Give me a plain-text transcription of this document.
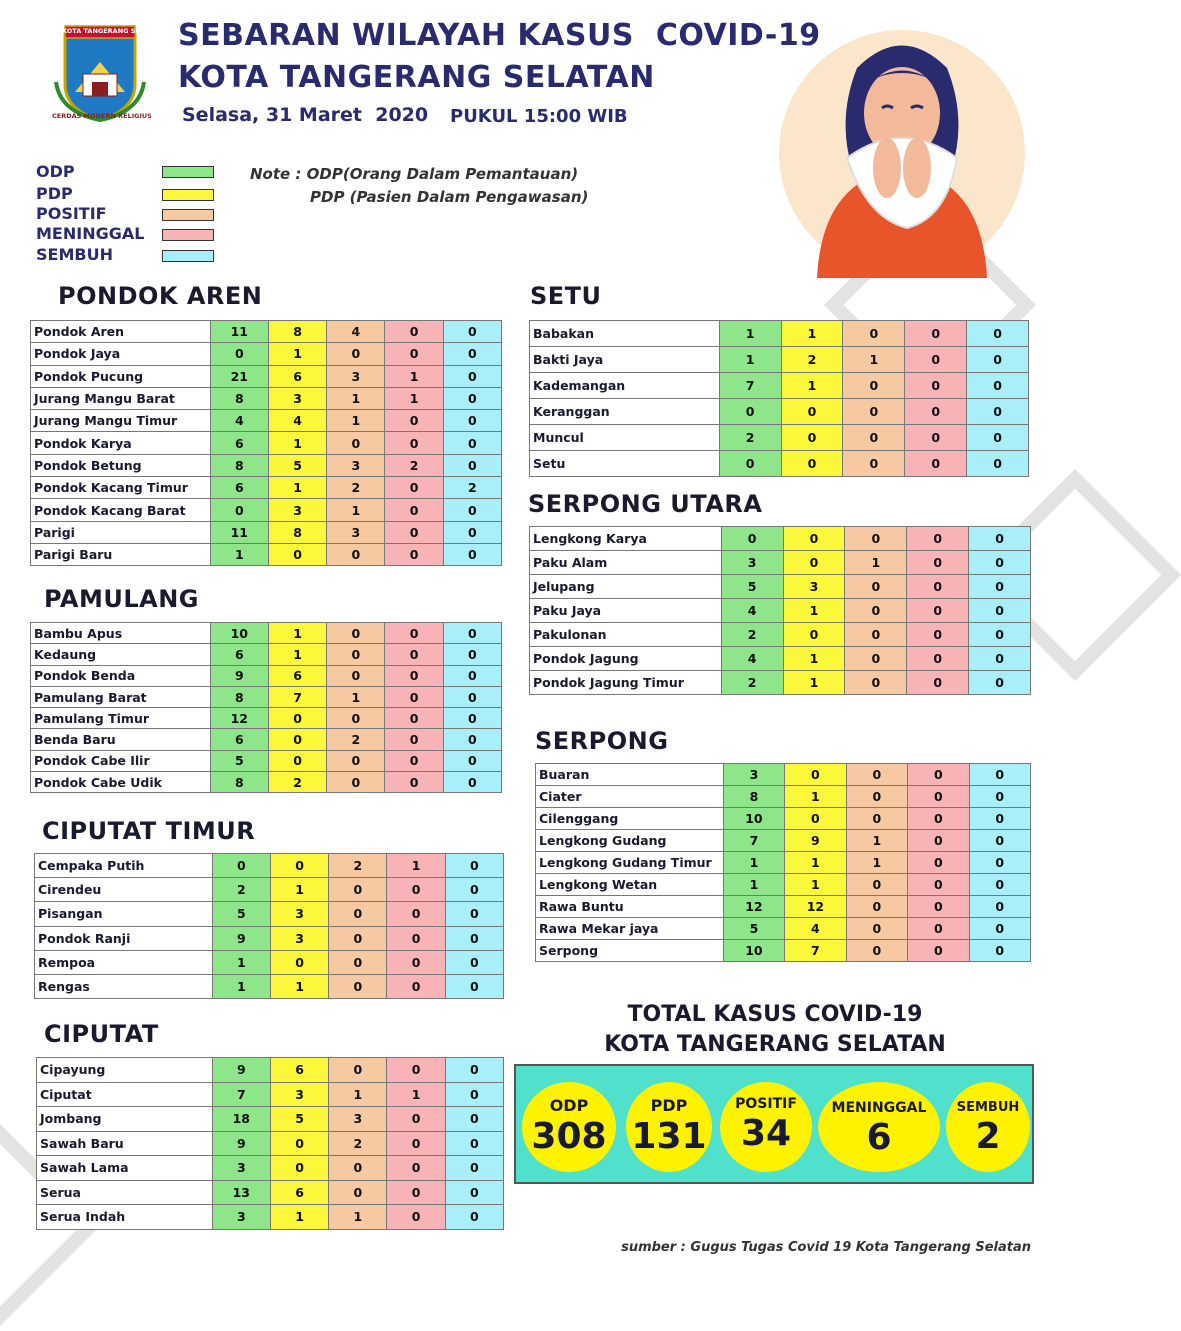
KOTA TANGERANG SELATAN
CERDAS MODERN RELIGIUS
SEBARAN WILAYAH KASUS  COVID-19
KOTA TANGERANG SELATAN
Selasa, 31 Maret  2020 PUKUL 15:00 WIB
ODP
PDP
POSITIF
MENINGGAL
SEMBUH
Note : ODP(Orang Dalam Pemantauan)
PDP (Pasien Dalam Pengawasan)
PONDOK AREN
PAMULANG
CIPUTAT TIMUR
CIPUTAT
SETU
SERPONG UTARA
SERPONG
Pondok Aren	11	8	4	0	0
Pondok Jaya	0	1	0	0	0
Pondok Pucung	21	6	3	1	0
Jurang Mangu Barat	8	3	1	1	0
Jurang Mangu Timur	4	4	1	0	0
Pondok Karya	6	1	0	0	0
Pondok Betung	8	5	3	2	0
Pondok Kacang Timur	6	1	2	0	2
Pondok Kacang Barat	0	3	1	0	0
Parigi	11	8	3	0	0
Parigi Baru	1	0	0	0	0
Bambu Apus	10	1	0	0	0
Kedaung	6	1	0	0	0
Pondok Benda	9	6	0	0	0
Pamulang Barat	8	7	1	0	0
Pamulang Timur	12	0	0	0	0
Benda Baru	6	0	2	0	0
Pondok Cabe Ilir	5	0	0	0	0
Pondok Cabe Udik	8	2	0	0	0
Cempaka Putih	0	0	2	1	0
Cirendeu	2	1	0	0	0
Pisangan	5	3	0	0	0
Pondok Ranji	9	3	0	0	0
Rempoa	1	0	0	0	0
Rengas	1	1	0	0	0
Cipayung	9	6	0	0	0
Ciputat	7	3	1	1	0
Jombang	18	5	3	0	0
Sawah Baru	9	0	2	0	0
Sawah Lama	3	0	0	0	0
Serua	13	6	0	0	0
Serua Indah	3	1	1	0	0
Babakan	1	1	0	0	0
Bakti Jaya	1	2	1	0	0
Kademangan	7	1	0	0	0
Keranggan	0	0	0	0	0
Muncul	2	0	0	0	0
Setu	0	0	0	0	0
Lengkong Karya	0	0	0	0	0
Paku Alam	3	0	1	0	0
Jelupang	5	3	0	0	0
Paku Jaya	4	1	0	0	0
Pakulonan	2	0	0	0	0
Pondok Jagung	4	1	0	0	0
Pondok Jagung Timur	2	1	0	0	0
Buaran	3	0	0	0	0
Ciater	8	1	0	0	0
Cilenggang	10	0	0	0	0
Lengkong Gudang	7	9	1	0	0
Lengkong Gudang Timur	1	1	1	0	0
Lengkong Wetan	1	1	0	0	0
Rawa Buntu	12	12	0	0	0
Rawa Mekar jaya	5	4	0	0	0
Serpong	10	7	0	0	0
TOTAL KASUS COVID-19
KOTA TANGERANG SELATAN
ODP
308
PDP
131
POSITIF
34
MENINGGAL
6
SEMBUH
2
sumber : Gugus Tugas Covid 19 Kota Tangerang Selatan
